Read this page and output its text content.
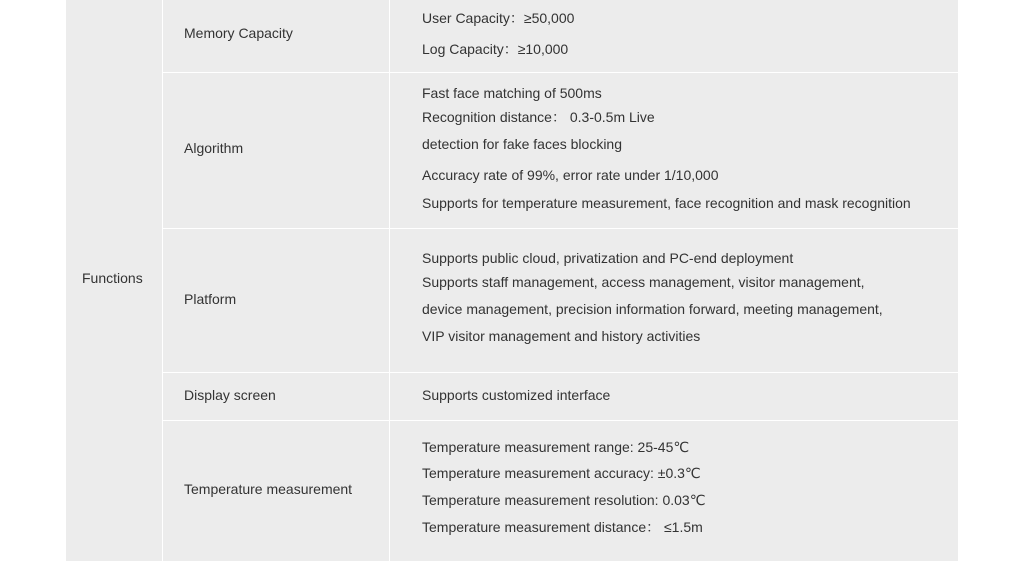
Functions
Memory Capacity
User Capacity：≥50,000
Log Capacity：≥10,000
Algorithm
Fast face matching of 500ms
Recognition distance： 0.3-0.5m Live
detection for fake faces blocking
Accuracy rate of 99%, error rate under 1/10,000
Supports for temperature measurement, face recognition and mask recognition
Platform
Supports public cloud, privatization and PC-end deployment
Supports staff management, access management, visitor management,
device management, precision information forward, meeting management,
VIP visitor management and history activities
Display screen	Supports customized interface
Temperature measurement
Temperature measurement range: 25-45℃
Temperature measurement accuracy: ±0.3℃
Temperature measurement resolution: 0.03℃
Temperature measurement distance： ≤1.5m
